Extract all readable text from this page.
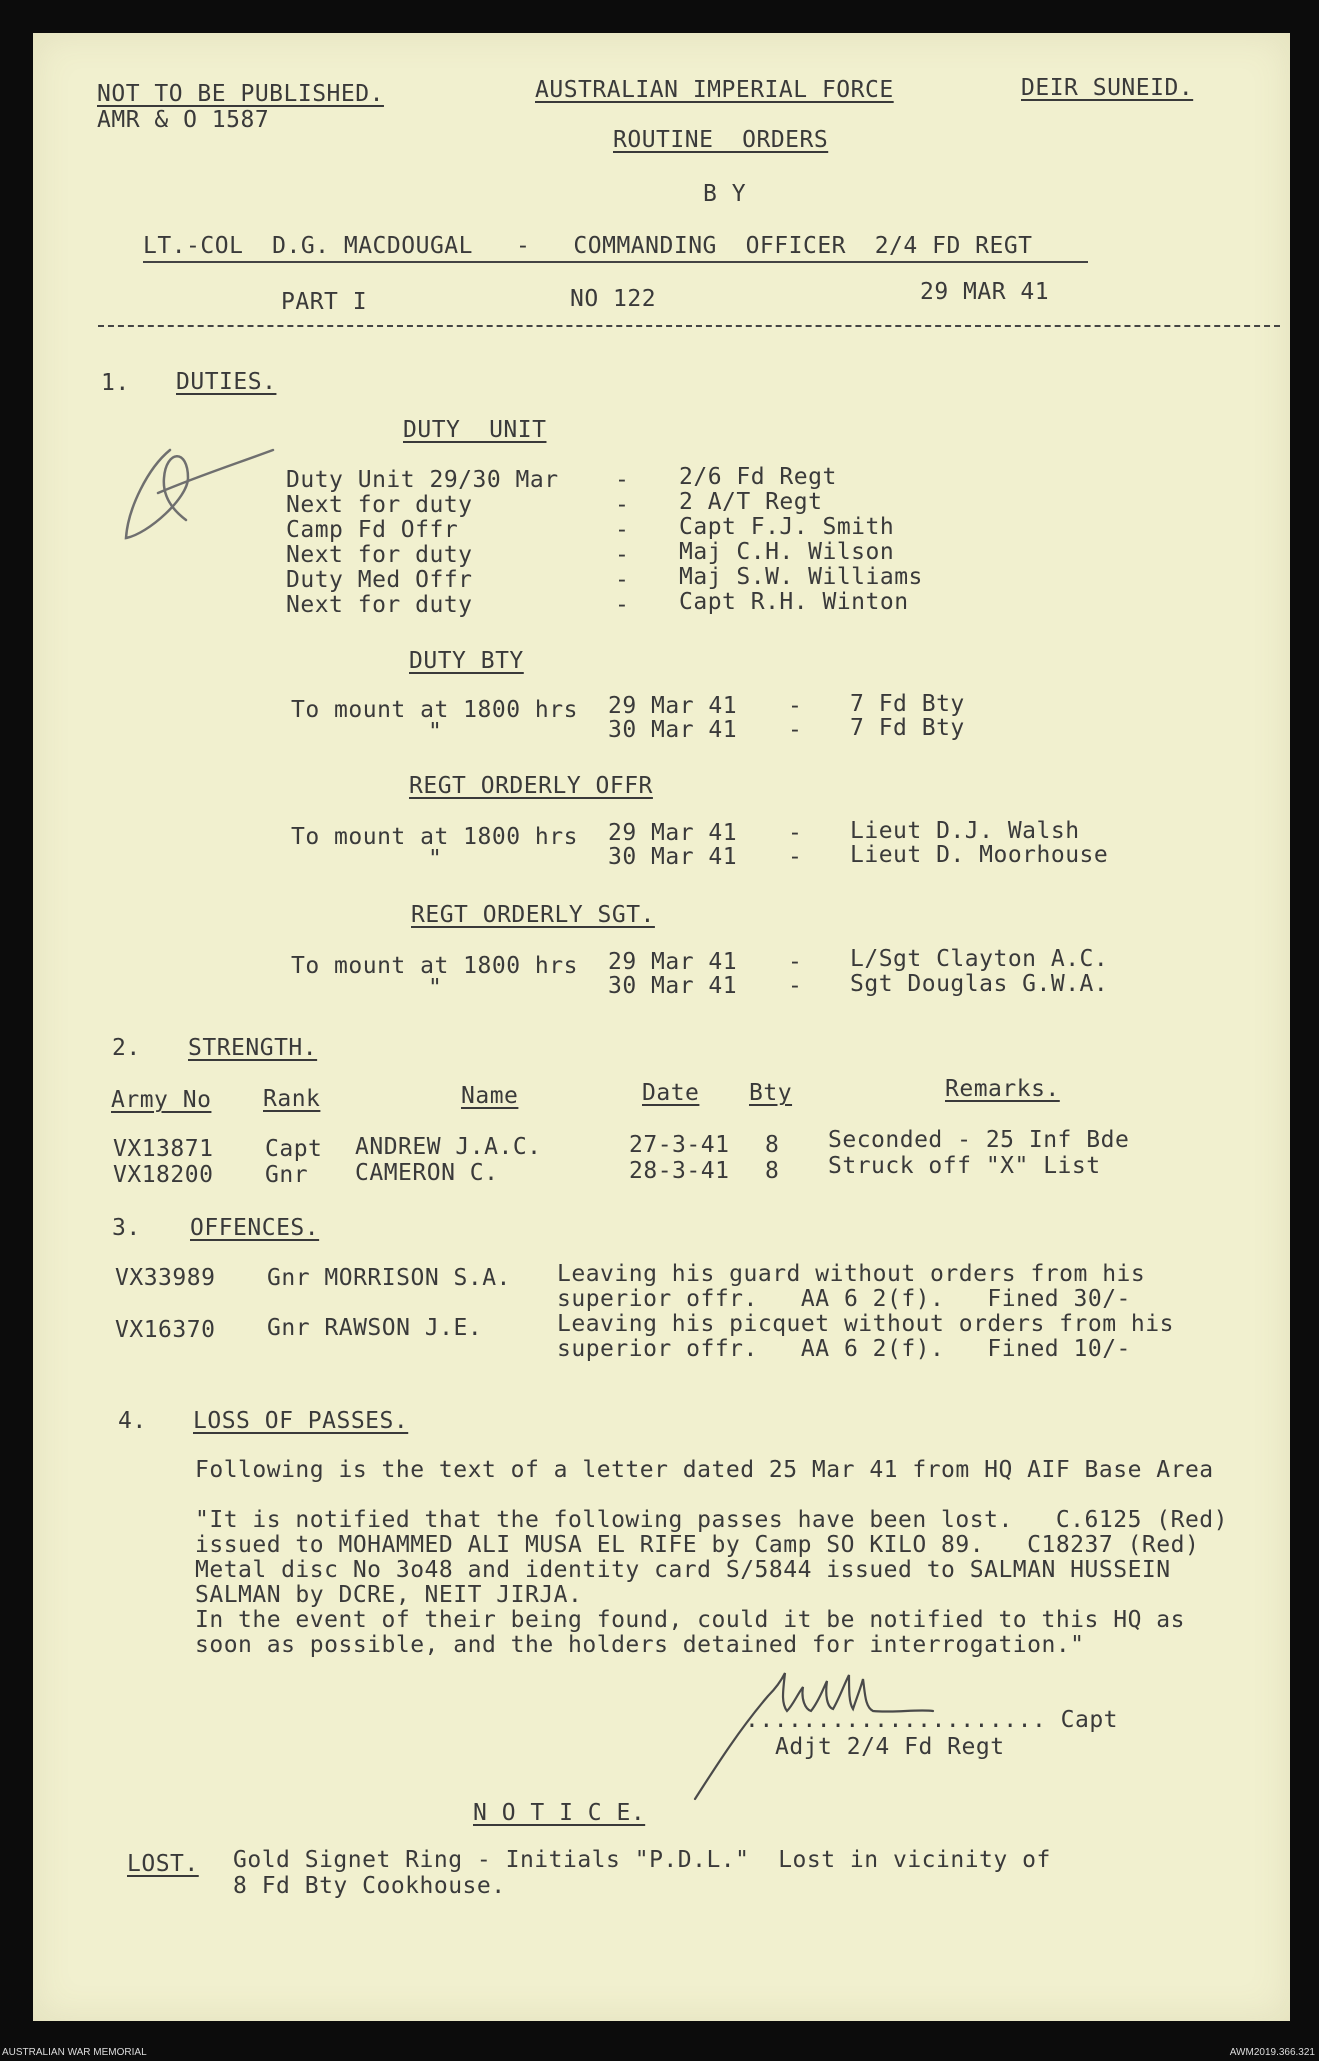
NOT TO BE PUBLISHED.
AMR & O 1587
AUSTRALIAN IMPERIAL FORCE	DEIR SUNEID.
ROUTINE  ORDERS
B Y
LT.-COL  D.G. MACDOUGAL   -   COMMANDING  OFFICER  2/4 FD REGT
PART I	NO 122	29 MAR 41
1. DUTIES.
DUTY  UNIT
Duty Unit 29/30 Mar - 2/6 Fd Regt
Next for duty	- 2 A/T Regt
Camp Fd Offr	- Capt F.J. Smith
Next for duty	- Maj C.H. Wilson
Duty Med Offr	- Maj S.W. Williams
Next for duty	- Capt R.H. Winton
DUTY BTY
To mount at 1800 hrs 29 Mar 41 - 7 Fd Bty
"	30 Mar 41 - 7 Fd Bty
REGT ORDERLY OFFR
To mount at 1800 hrs 29 Mar 41 - Lieut D.J. Walsh
"	30 Mar 41 - Lieut D. Moorhouse
REGT ORDERLY SGT.
To mount at 1800 hrs 29 Mar 41 - L/Sgt Clayton A.C.
"	30 Mar 41 - Sgt Douglas G.W.A.
2. STRENGTH.
Army No Rank	Name	Date Bty	Remarks.
VX13871 Capt ANDREW J.A.C.	27-3-41 8 Seconded - 25 Inf Bde
VX18200 Gnr CAMERON C.	28-3-41 8 Struck off "X" List
3. OFFENCES.
VX33989 Gnr MORRISON S.A. Leaving his guard without orders from his
superior offr.   AA 6 2(f).   Fined 30/-
VX16370 Gnr RAWSON J.E.	Leaving his picquet without orders from his
superior offr.   AA 6 2(f).   Fined 10/-
4. LOSS OF PASSES.
Following is the text of a letter dated 25 Mar 41 from HQ AIF Base Area
"It is notified that the following passes have been lost.   C.6125 (Red)
issued to MOHAMMED ALI MUSA EL RIFE by Camp SO KILO 89.   C18237 (Red)
Metal disc No 3o48 and identity card S/5844 issued to SALMAN HUSSEIN
SALMAN by DCRE, NEIT JIRJA.
In the event of their being found, could it be notified to this HQ as
soon as possible, and the holders detained for interrogation."
..................... Capt
Adjt 2/4 Fd Regt
N O T I C E.
LOST. Gold Signet Ring - Initials "P.D.L."  Lost in vicinity of
8 Fd Bty Cookhouse.
AUSTRALIAN WAR MEMORIAL	AWM2019.366.321
